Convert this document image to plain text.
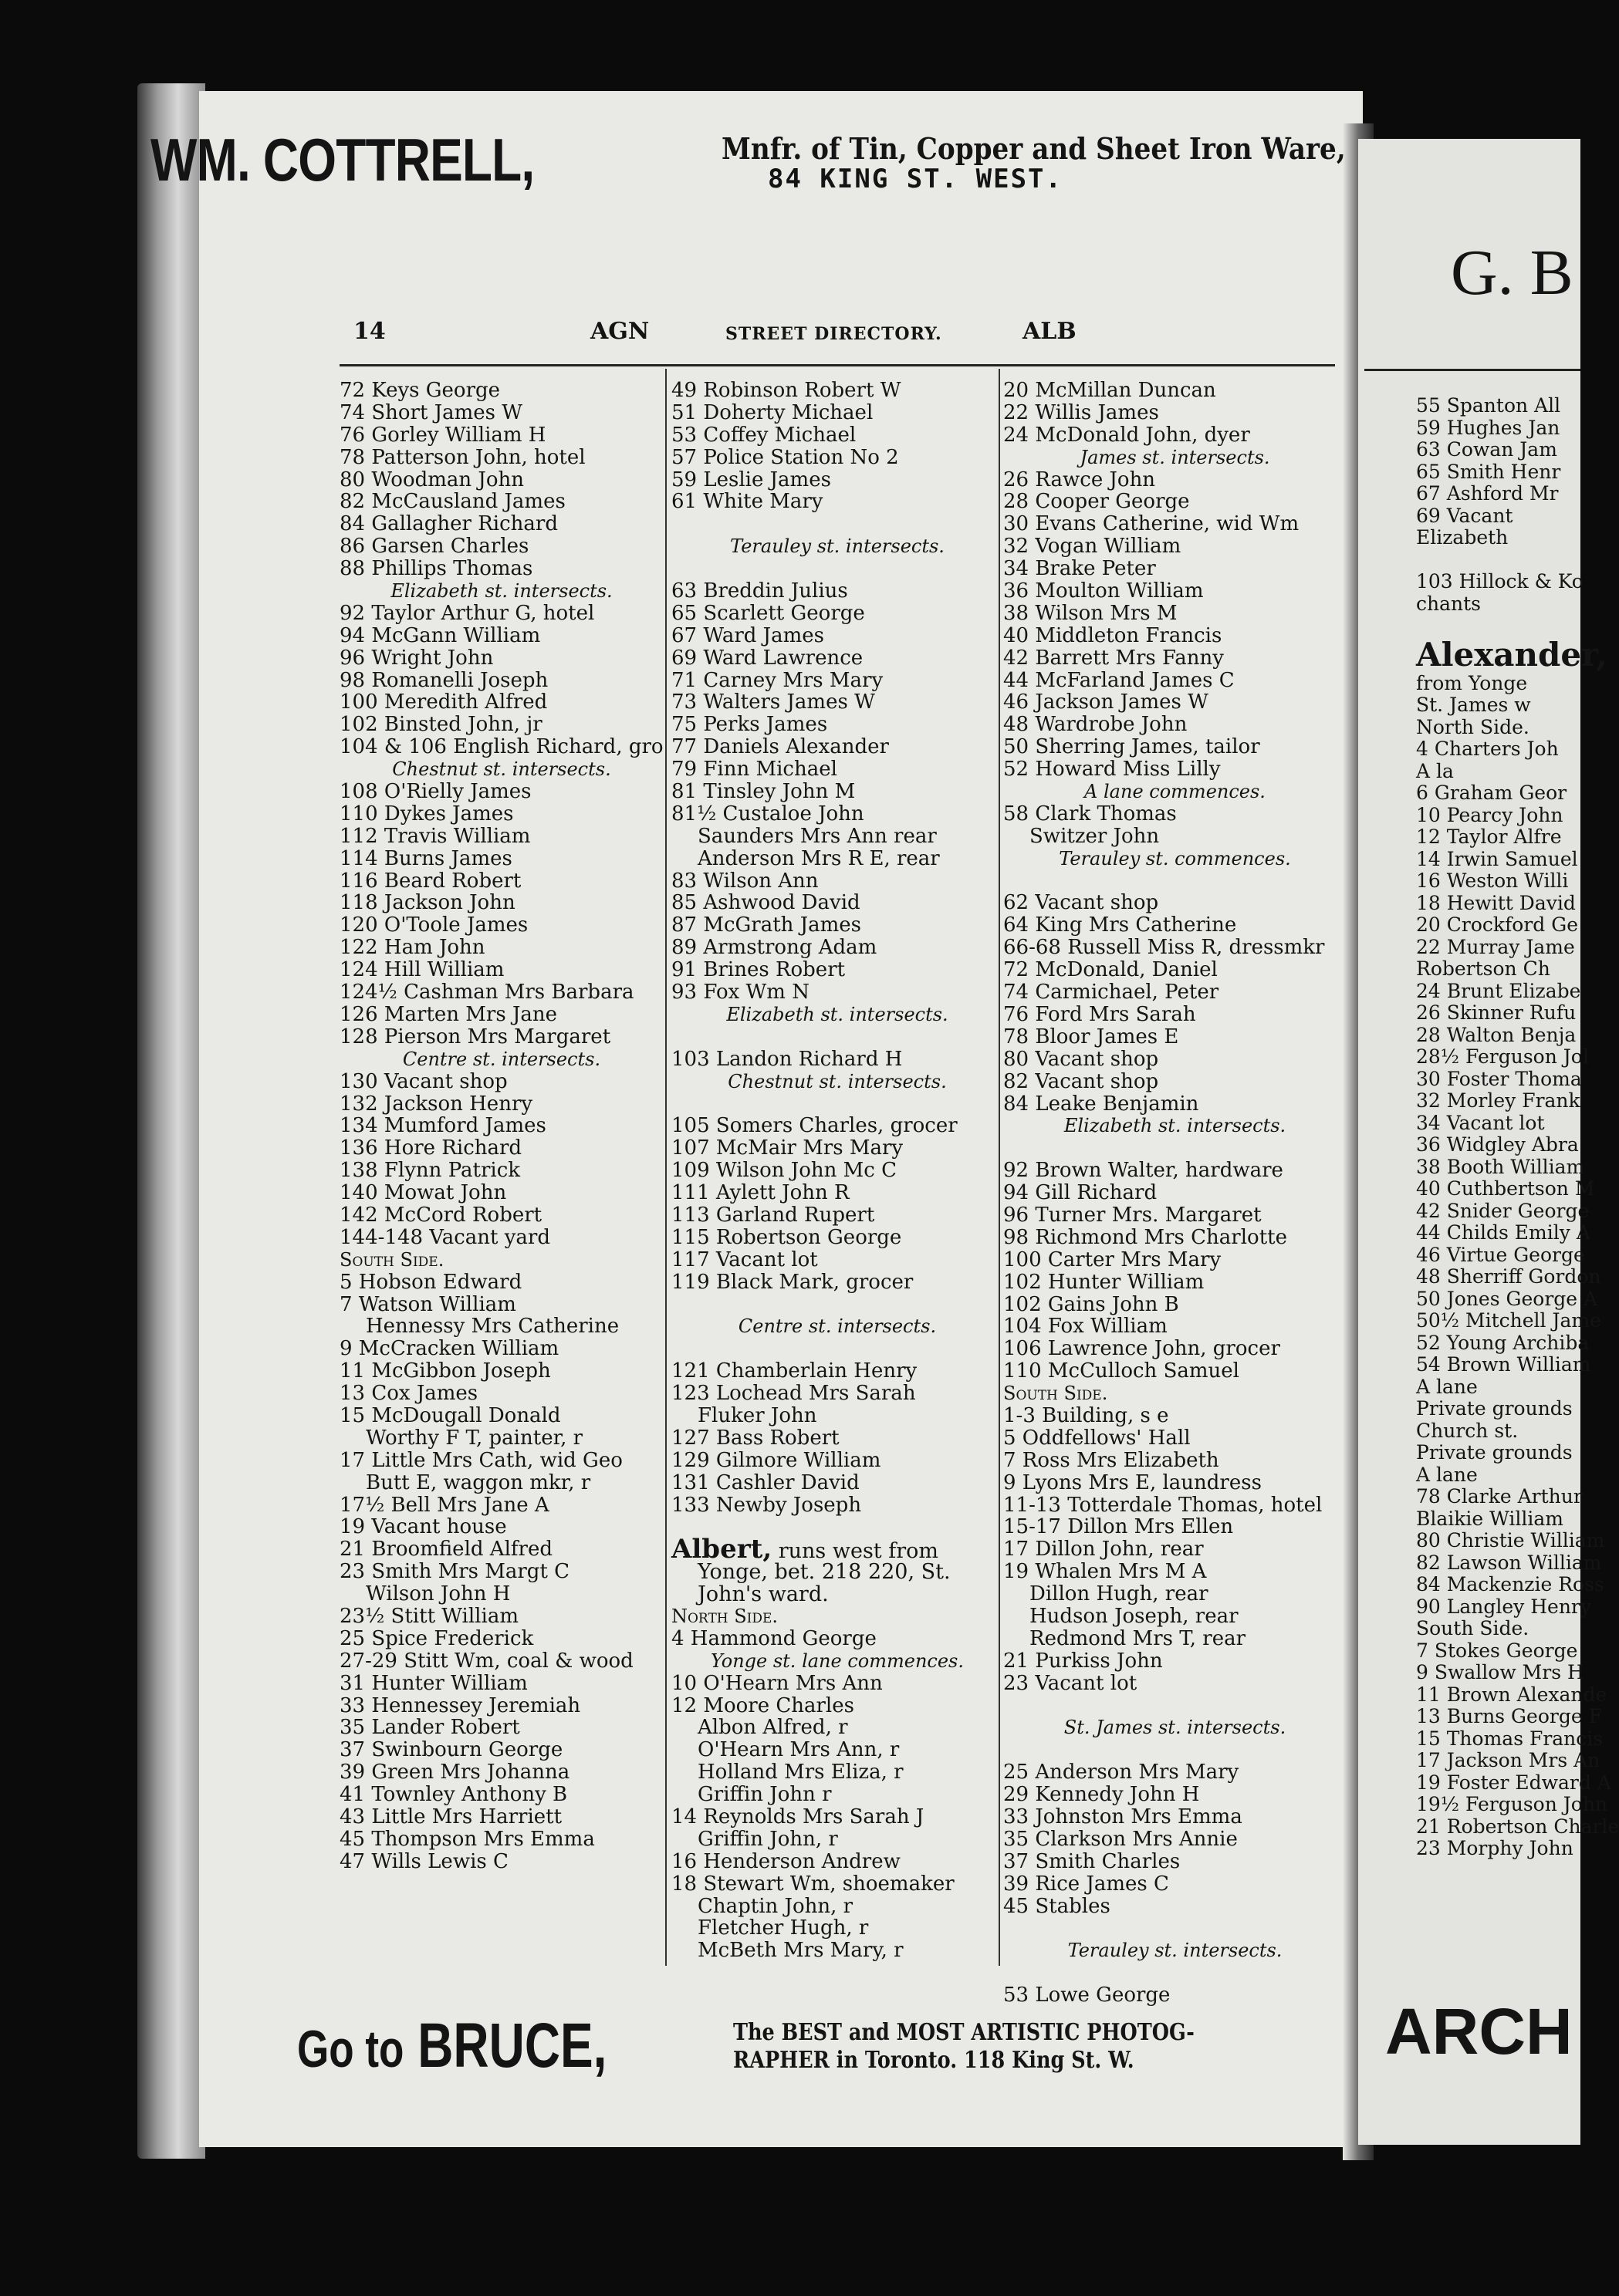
WM. COTTRELL,	Mnfr. of Tin, Copper and Sheet Iron Ware,
84 KING ST. WEST.
14	AGN	STREET DIRECTORY.	ALB
72 Keys George
74 Short James W
76 Gorley William H
78 Patterson John, hotel
80 Woodman John
82 McCausland James
84 Gallagher Richard
86 Garsen Charles
88 Phillips Thomas
Elizabeth st. intersects.
92 Taylor Arthur G, hotel
94 McGann William
96 Wright John
98 Romanelli Joseph
100 Meredith Alfred
102 Binsted John, jr
104 & 106 English Richard, gro
Chestnut st. intersects.
108 O'Rielly James
110 Dykes James
112 Travis William
114 Burns James
116 Beard Robert
118 Jackson John
120 O'Toole James
122 Ham John
124 Hill William
124½ Cashman Mrs Barbara
126 Marten Mrs Jane
128 Pierson Mrs Margaret
Centre st. intersects.
130 Vacant shop
132 Jackson Henry
134 Mumford James
136 Hore Richard
138 Flynn Patrick
140 Mowat John
142 McCord Robert
144-148 Vacant yard
South Side.
5 Hobson Edward
7 Watson William
Hennessy Mrs Catherine
9 McCracken William
11 McGibbon Joseph
13 Cox James
15 McDougall Donald
Worthy F T, painter, r
17 Little Mrs Cath, wid Geo
Butt E, waggon mkr, r
17½ Bell Mrs Jane A
19 Vacant house
21 Broomfield Alfred
23 Smith Mrs Margt C
Wilson John H
23½ Stitt William
25 Spice Frederick
27-29 Stitt Wm, coal & wood
31 Hunter William
33 Hennessey Jeremiah
35 Lander Robert
37 Swinbourn George
39 Green Mrs Johanna
41 Townley Anthony B
43 Little Mrs Harriett
45 Thompson Mrs Emma
47 Wills Lewis C
49 Robinson Robert W
51 Doherty Michael
53 Coffey Michael
57 Police Station No 2
59 Leslie James
61 White Mary
Terauley st. intersects.
63 Breddin Julius
65 Scarlett George
67 Ward James
69 Ward Lawrence
71 Carney Mrs Mary
73 Walters James W
75 Perks James
77 Daniels Alexander
79 Finn Michael
81 Tinsley John M
81½ Custaloe John
Saunders Mrs Ann rear
Anderson Mrs R E, rear
83 Wilson Ann
85 Ashwood David
87 McGrath James
89 Armstrong Adam
91 Brines Robert
93 Fox Wm N
Elizabeth st. intersects.
103 Landon Richard H
Chestnut st. intersects.
105 Somers Charles, grocer
107 McMair Mrs Mary
109 Wilson John Mc C
111 Aylett John R
113 Garland Rupert
115 Robertson George
117 Vacant lot
119 Black Mark, grocer
Centre st. intersects.
121 Chamberlain Henry
123 Lochead Mrs Sarah
Fluker John
127 Bass Robert
129 Gilmore William
131 Cashler David
133 Newby Joseph
Albert, runs west from
Yonge, bet. 218 220, St.
John's ward.
North Side.
4 Hammond George
Yonge st. lane commences.
10 O'Hearn Mrs Ann
12 Moore Charles
Albon Alfred, r
O'Hearn Mrs Ann, r
Holland Mrs Eliza, r
Griffin John r
14 Reynolds Mrs Sarah J
Griffin John, r
16 Henderson Andrew
18 Stewart Wm, shoemaker
Chaptin John, r
Fletcher Hugh, r
McBeth Mrs Mary, r
20 McMillan Duncan
22 Willis James
24 McDonald John, dyer
James st. intersects.
26 Rawce John
28 Cooper George
30 Evans Catherine, wid Wm
32 Vogan William
34 Brake Peter
36 Moulton William
38 Wilson Mrs M
40 Middleton Francis
42 Barrett Mrs Fanny
44 McFarland James C
46 Jackson James W
48 Wardrobe John
50 Sherring James, tailor
52 Howard Miss Lilly
A lane commences.
58 Clark Thomas
Switzer John
Terauley st. commences.
62 Vacant shop
64 King Mrs Catherine
66-68 Russell Miss R, dressmkr
72 McDonald, Daniel
74 Carmichael, Peter
76 Ford Mrs Sarah
78 Bloor James E
80 Vacant shop
82 Vacant shop
84 Leake Benjamin
Elizabeth st. intersects.
92 Brown Walter, hardware
94 Gill Richard
96 Turner Mrs. Margaret
98 Richmond Mrs Charlotte
100 Carter Mrs Mary
102 Hunter William
102 Gains John B
104 Fox William
106 Lawrence John, grocer
110 McCulloch Samuel
South Side.
1-3 Building, s e
5 Oddfellows' Hall
7 Ross Mrs Elizabeth
9 Lyons Mrs E, laundress
11-13 Totterdale Thomas, hotel
15-17 Dillon Mrs Ellen
17 Dillon John, rear
19 Whalen Mrs M A
Dillon Hugh, rear
Hudson Joseph, rear
Redmond Mrs T, rear
21 Purkiss John
23 Vacant lot
St. James st. intersects.
25 Anderson Mrs Mary
29 Kennedy John H
33 Johnston Mrs Emma
35 Clarkson Mrs Annie
37 Smith Charles
39 Rice James C
45 Stables
Terauley st. intersects.
53 Lowe George
Go to BRUCE,	The BEST and MOST ARTISTIC PHOTOG-
RAPHER in Toronto. 118 King St. W.
G. B
55 Spanton All
59 Hughes Jan
63 Cowan Jam
65 Smith Henr
67 Ashford Mr
69 Vacant
Elizabeth
103 Hillock & Ko
chants
Alexander,
from Yonge
St. James w
North Side.
4 Charters Joh
A la
6 Graham Geor
10 Pearcy John
12 Taylor Alfre
14 Irwin Samuel
16 Weston Willi
18 Hewitt David
20 Crockford Ge
22 Murray Jame
Robertson Ch
24 Brunt Elizabe
26 Skinner Rufu
28 Walton Benja
28½ Ferguson Jol
30 Foster Thoma
32 Morley Frank
34 Vacant lot
36 Widgley Abra
38 Booth William
40 Cuthbertson M
42 Snider George
44 Childs Emily A
46 Virtue George
48 Sherriff Gordon
50 Jones George A
50½ Mitchell Jame
52 Young Archiba
54 Brown William
A lane
Private grounds
Church st.
Private grounds
A lane
78 Clarke Arthur
Blaikie William
80 Christie William
82 Lawson William
84 Mackenzie Ross
90 Langley Henry
South Side.
7 Stokes George
9 Swallow Mrs H
11 Brown Alexande
13 Burns George F
15 Thomas Francis
17 Jackson Mrs An
19 Foster Edward A
19½ Ferguson John
21 Robertson Charle
23 Morphy John
ARCH
